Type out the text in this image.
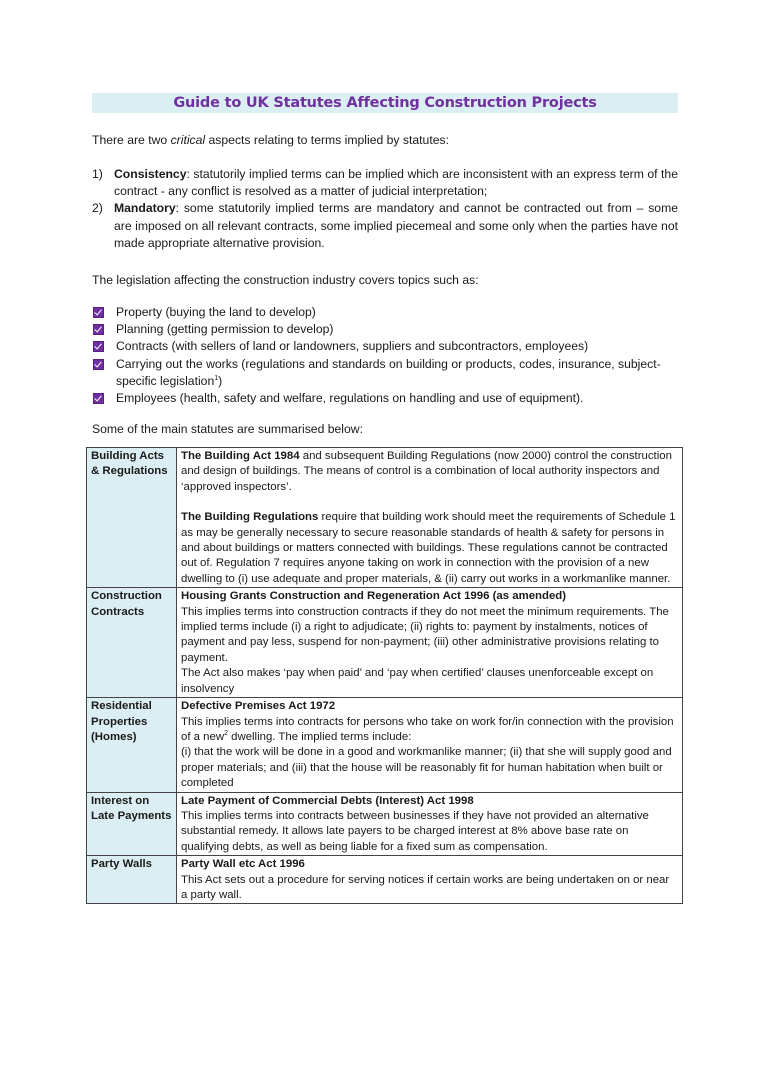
Guide to UK Statutes Affecting Construction Projects
There are two critical aspects relating to terms implied by statutes:
1) Consistency: statutorily implied terms can be implied which are inconsistent with an express term of the contract - any conflict is resolved as a matter of judicial interpretation;
2) Mandatory: some statutorily implied terms are mandatory and cannot be contracted out from – some are imposed on all relevant contracts, some implied piecemeal and some only when the parties have not made appropriate alternative provision.
The legislation affecting the construction industry covers topics such as:
Property (buying the land to develop)
Planning (getting permission to develop)
Contracts (with sellers of land or landowners, suppliers and subcontractors, employees)
Carrying out the works (regulations and standards on building or products, codes, insurance, subject-specific legislation$^1$)
Employees (health, safety and welfare, regulations on handling and use of equipment).
Some of the main statutes are summarised below:
Building Acts & Regulations	The Building Act 1984 and subsequent Building Regulations (now 2000) control the construction and design of buildings. The means of control is a combination of local authority inspectors and ‘approved inspectors’.
The Building Regulations require that building work should meet the requirements of Schedule 1 as may be generally necessary to secure reasonable standards of health & safety for persons in and about buildings or matters connected with buildings. These regulations cannot be contracted out of. Regulation 7 requires anyone taking on work in connection with the provision of a new dwelling to (i) use adequate and proper materials, & (ii) carry out works in a workmanlike manner.

Construction Contracts	Housing Grants Construction and Regeneration Act 1996 (as amended)
This implies terms into construction contracts if they do not meet the minimum requirements. The implied terms include (i) a right to adjudicate; (ii) rights to: payment by instalments, notices of payment and pay less, suspend for non-payment; (iii) other administrative provisions relating to payment.
The Act also makes ‘pay when paid’ and ‘pay when certified’ clauses unenforceable except on insolvency

Residential Properties (Homes)	Defective Premises Act 1972
This implies terms into contracts for persons who take on work for/in connection with the provision of a new$^2$ dwelling. The implied terms include:
(i) that the work will be done in a good and workmanlike manner; (ii) that she will supply good and proper materials; and (iii) that the house will be reasonably fit for human habitation when built or completed

Interest on Late Payments	Late Payment of Commercial Debts (Interest) Act 1998
This implies terms into contracts between businesses if they have not provided an alternative substantial remedy. It allows late payers to be charged interest at 8% above base rate on qualifying debts, as well as being liable for a fixed sum as compensation.

Party Walls	Party Wall etc Act 1996
This Act sets out a procedure for serving notices if certain works are being undertaken on or near a party wall.
